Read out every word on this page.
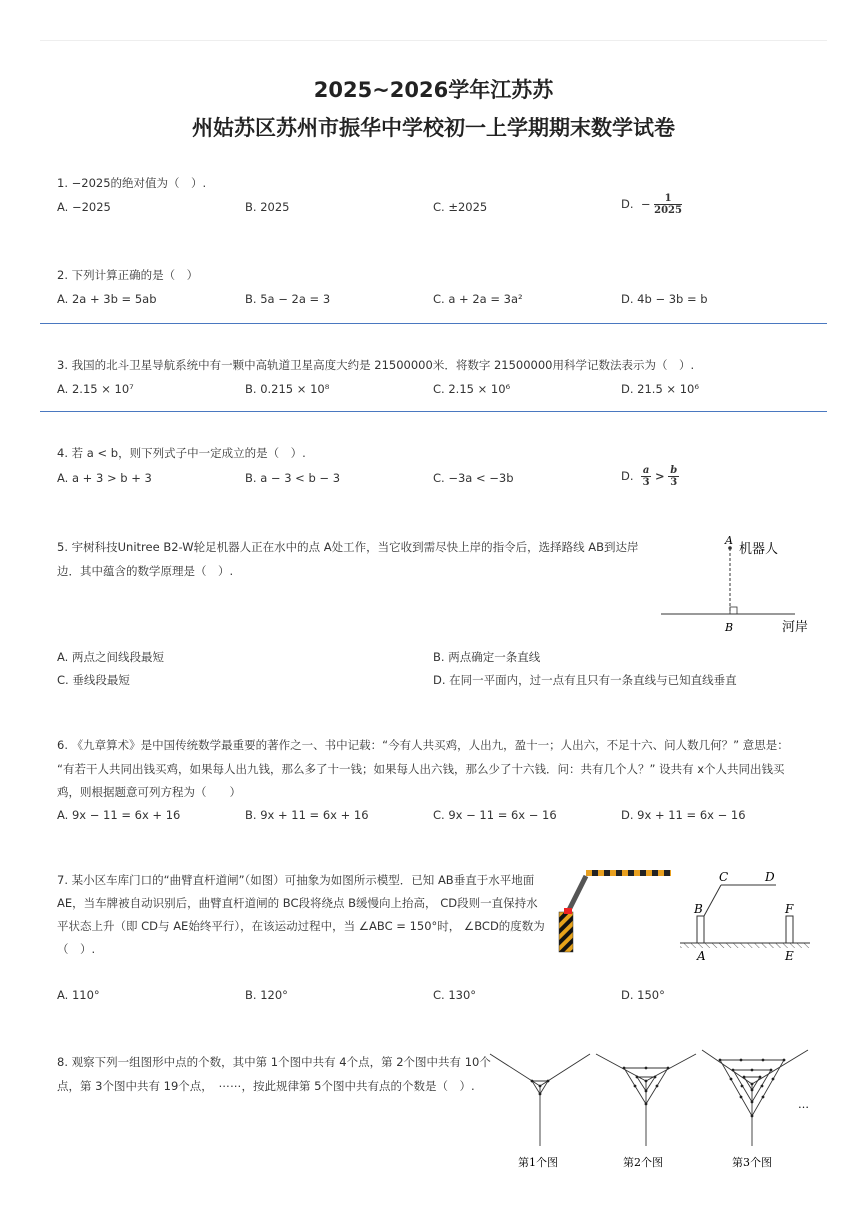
2025~2026学年江苏苏
州姑苏区苏州市振华中学校初一上学期期末数学试卷
1. −2025的绝对值为（　）.
A. −2025	B. 2025	C. ±2025	D. − $\frac{1}{2025}$
2. 下列计算正确的是（　）
A. 2a + 3b = 5ab	B. 5a − 2a = 3	C. a + 2a = 3a²	D. 4b − 3b = b
3. 我国的北斗卫星导航系统中有一颗中高轨道卫星高度大约是 21500000米．将数字 21500000用科学记数法表示为（　）.
A. 2.15 × 10⁷	B. 0.215 × 10⁸	C. 2.15 × 10⁶	D. 21.5 × 10⁶
4. 若 a < b，则下列式子中一定成立的是（　）.
A. a + 3 > b + 3	B. a − 3 < b − 3	C. −3a < −3b	D. $\frac{a}{3} > \frac{b}{3}$
5. 宇树科技Unitree B2-W轮足机器人正在水中的点 A处工作，当它收到需尽快上岸的指令后，选择路线 AB到达岸
边．其中蕴含的数学原理是（　）.
A
机器人
B	河岸
A. 两点之间线段最短	B. 两点确定一条直线
C. 垂线段最短	D. 在同一平面内，过一点有且只有一条直线与已知直线垂直
6. 《九章算术》是中国传统数学最重要的著作之一、书中记载：“今有人共买鸡，人出九，盈十一；人出六，不足十六、问人数几何？” 意思是：
“有若干人共同出钱买鸡，如果每人出九钱，那么多了十一钱；如果每人出六钱，那么少了十六钱．问：共有几个人？” 设共有 x个人共同出钱买
鸡，则根据题意可列方程为（　　）
A. 9x − 11 = 6x + 16	B. 9x + 11 = 6x + 16	C. 9x − 11 = 6x − 16	D. 9x + 11 = 6x − 16
7. 某小区车库门口的“曲臂直杆道闸”（如图）可抽象为如图所示模型．已知 AB垂直于水平地面
AE，当车牌被自动识别后，曲臂直杆道闸的 BC段将绕点 B缓慢向上抬高， CD段则一直保持水
平状态上升（即 CD与 AE始终平行），在该运动过程中，当 ∠ABC = 150°时， ∠BCD的度数为
（　）.
C	D
B	F
A	E
A. 110°	B. 120°	C. 130°	D. 150°
8. 观察下列一组图形中点的个数，其中第 1个图中共有 4个点，第 2个图中共有 10个
点，第 3个图中共有 19个点，　⋯⋯，按此规律第 5个图中共有点的个数是（　）.
…
第1个图	第2个图	第3个图
